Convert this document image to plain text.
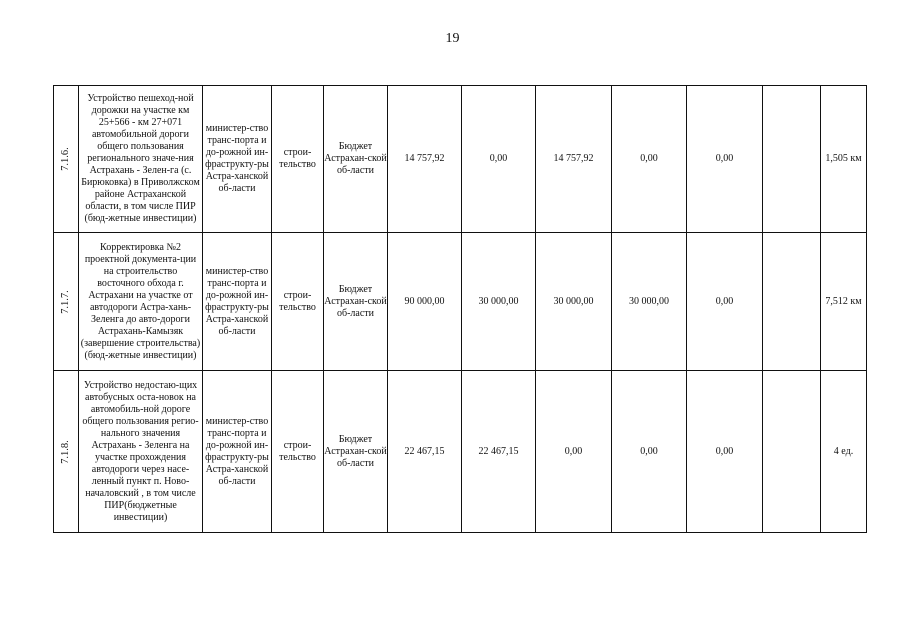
19
7.1.6.	Устройство пешеход-ной дорожки на участке км 25+566 - км 27+071 автомобильной дороги общего пользования регионального значе-ния Астрахань - Зелен-га (с. Бирюковка) в Приволжском районе Астраханской области, в том числе ПИР (бюд-жетные инвестиции)	министер-ство транс-порта и до-рожной ин-фраструкту-ры Астра-ханской об-ласти	строи-тельство	Бюджет Астрахан-ской об-ласти	14 757,92	0,00	14 757,92	0,00	0,00		1,505 км

7.1.7.	Корректировка №2 проектной документа-ции на строительство восточного обхода г. Астрахани на участке от автодороги Астра-хань-Зеленга до авто-дороги Астрахань-Камызяк (завершение строительства) (бюд-жетные инвестиции)	министер-ство транс-порта и до-рожной ин-фраструкту-ры Астра-ханской об-ласти	строи-тельство	Бюджет Астрахан-ской об-ласти	90 000,00	30 000,00	30 000,00	30 000,00	0,00		7,512 км

7.1.8.	Устройство недостаю-щих автобусных оста-новок на автомобиль-ной дороге общего пользования регио-нального значения Астрахань - Зеленга на участке прохождения автодороги через насе-ленный пункт п. Ново-началовский , в том числе ПИР(бюджетные инвестиции)	министер-ство транс-порта и до-рожной ин-фраструкту-ры Астра-ханской об-ласти	строи-тельство	Бюджет Астрахан-ской об-ласти	22 467,15	22 467,15	0,00	0,00	0,00		4 ед.
